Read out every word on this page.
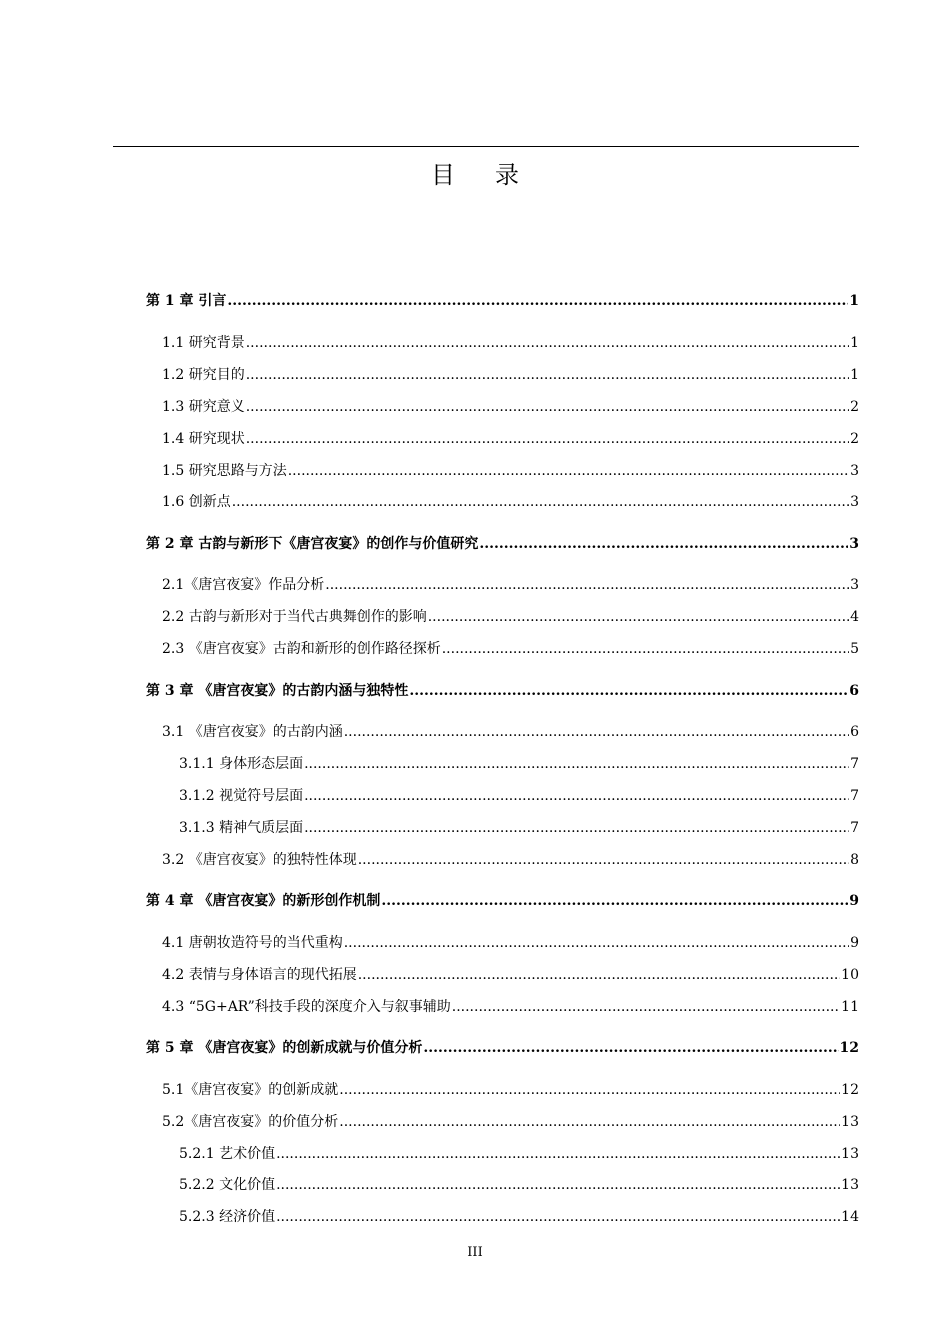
目录
第 1 章 引言 .....	1
1.1 研究背景 .....	1
1.2 研究目的 .....	1
1.3 研究意义 .....	2
1.4 研究现状 .....	2
1.5 研究思路与方法 .....	3
1.6 创新点 .....	3
第 2 章 古韵与新形下《唐宫夜宴》的创作与价值研究 .....	3
2.1《唐宫夜宴》作品分析 .....	3
2.2 古韵与新形对于当代古典舞创作的影响 .....	4
2.3 《唐宫夜宴》古韵和新形的创作路径探析 .....	5
第 3 章 《唐宫夜宴》的古韵内涵与独特性 .....	6
3.1 《唐宫夜宴》的古韵内涵 .....	6
3.1.1 身体形态层面 .....	7
3.1.2 视觉符号层面 .....	7
3.1.3 精神气质层面 .....	7
3.2 《唐宫夜宴》的独特性体现 .....	8
第 4 章 《唐宫夜宴》的新形创作机制 .....	9
4.1 唐朝妆造符号的当代重构 .....	9
4.2 表情与身体语言的现代拓展 .....	10
4.3 “5G+AR”科技手段的深度介入与叙事辅助 .....	11
第 5 章 《唐宫夜宴》的创新成就与价值分析 .....	12
5.1《唐宫夜宴》的创新成就 .....	12
5.2《唐宫夜宴》的价值分析 .....	13
5.2.1 艺术价值 .....	13
5.2.2 文化价值 .....	13
5.2.3 经济价值 .....	14
III
